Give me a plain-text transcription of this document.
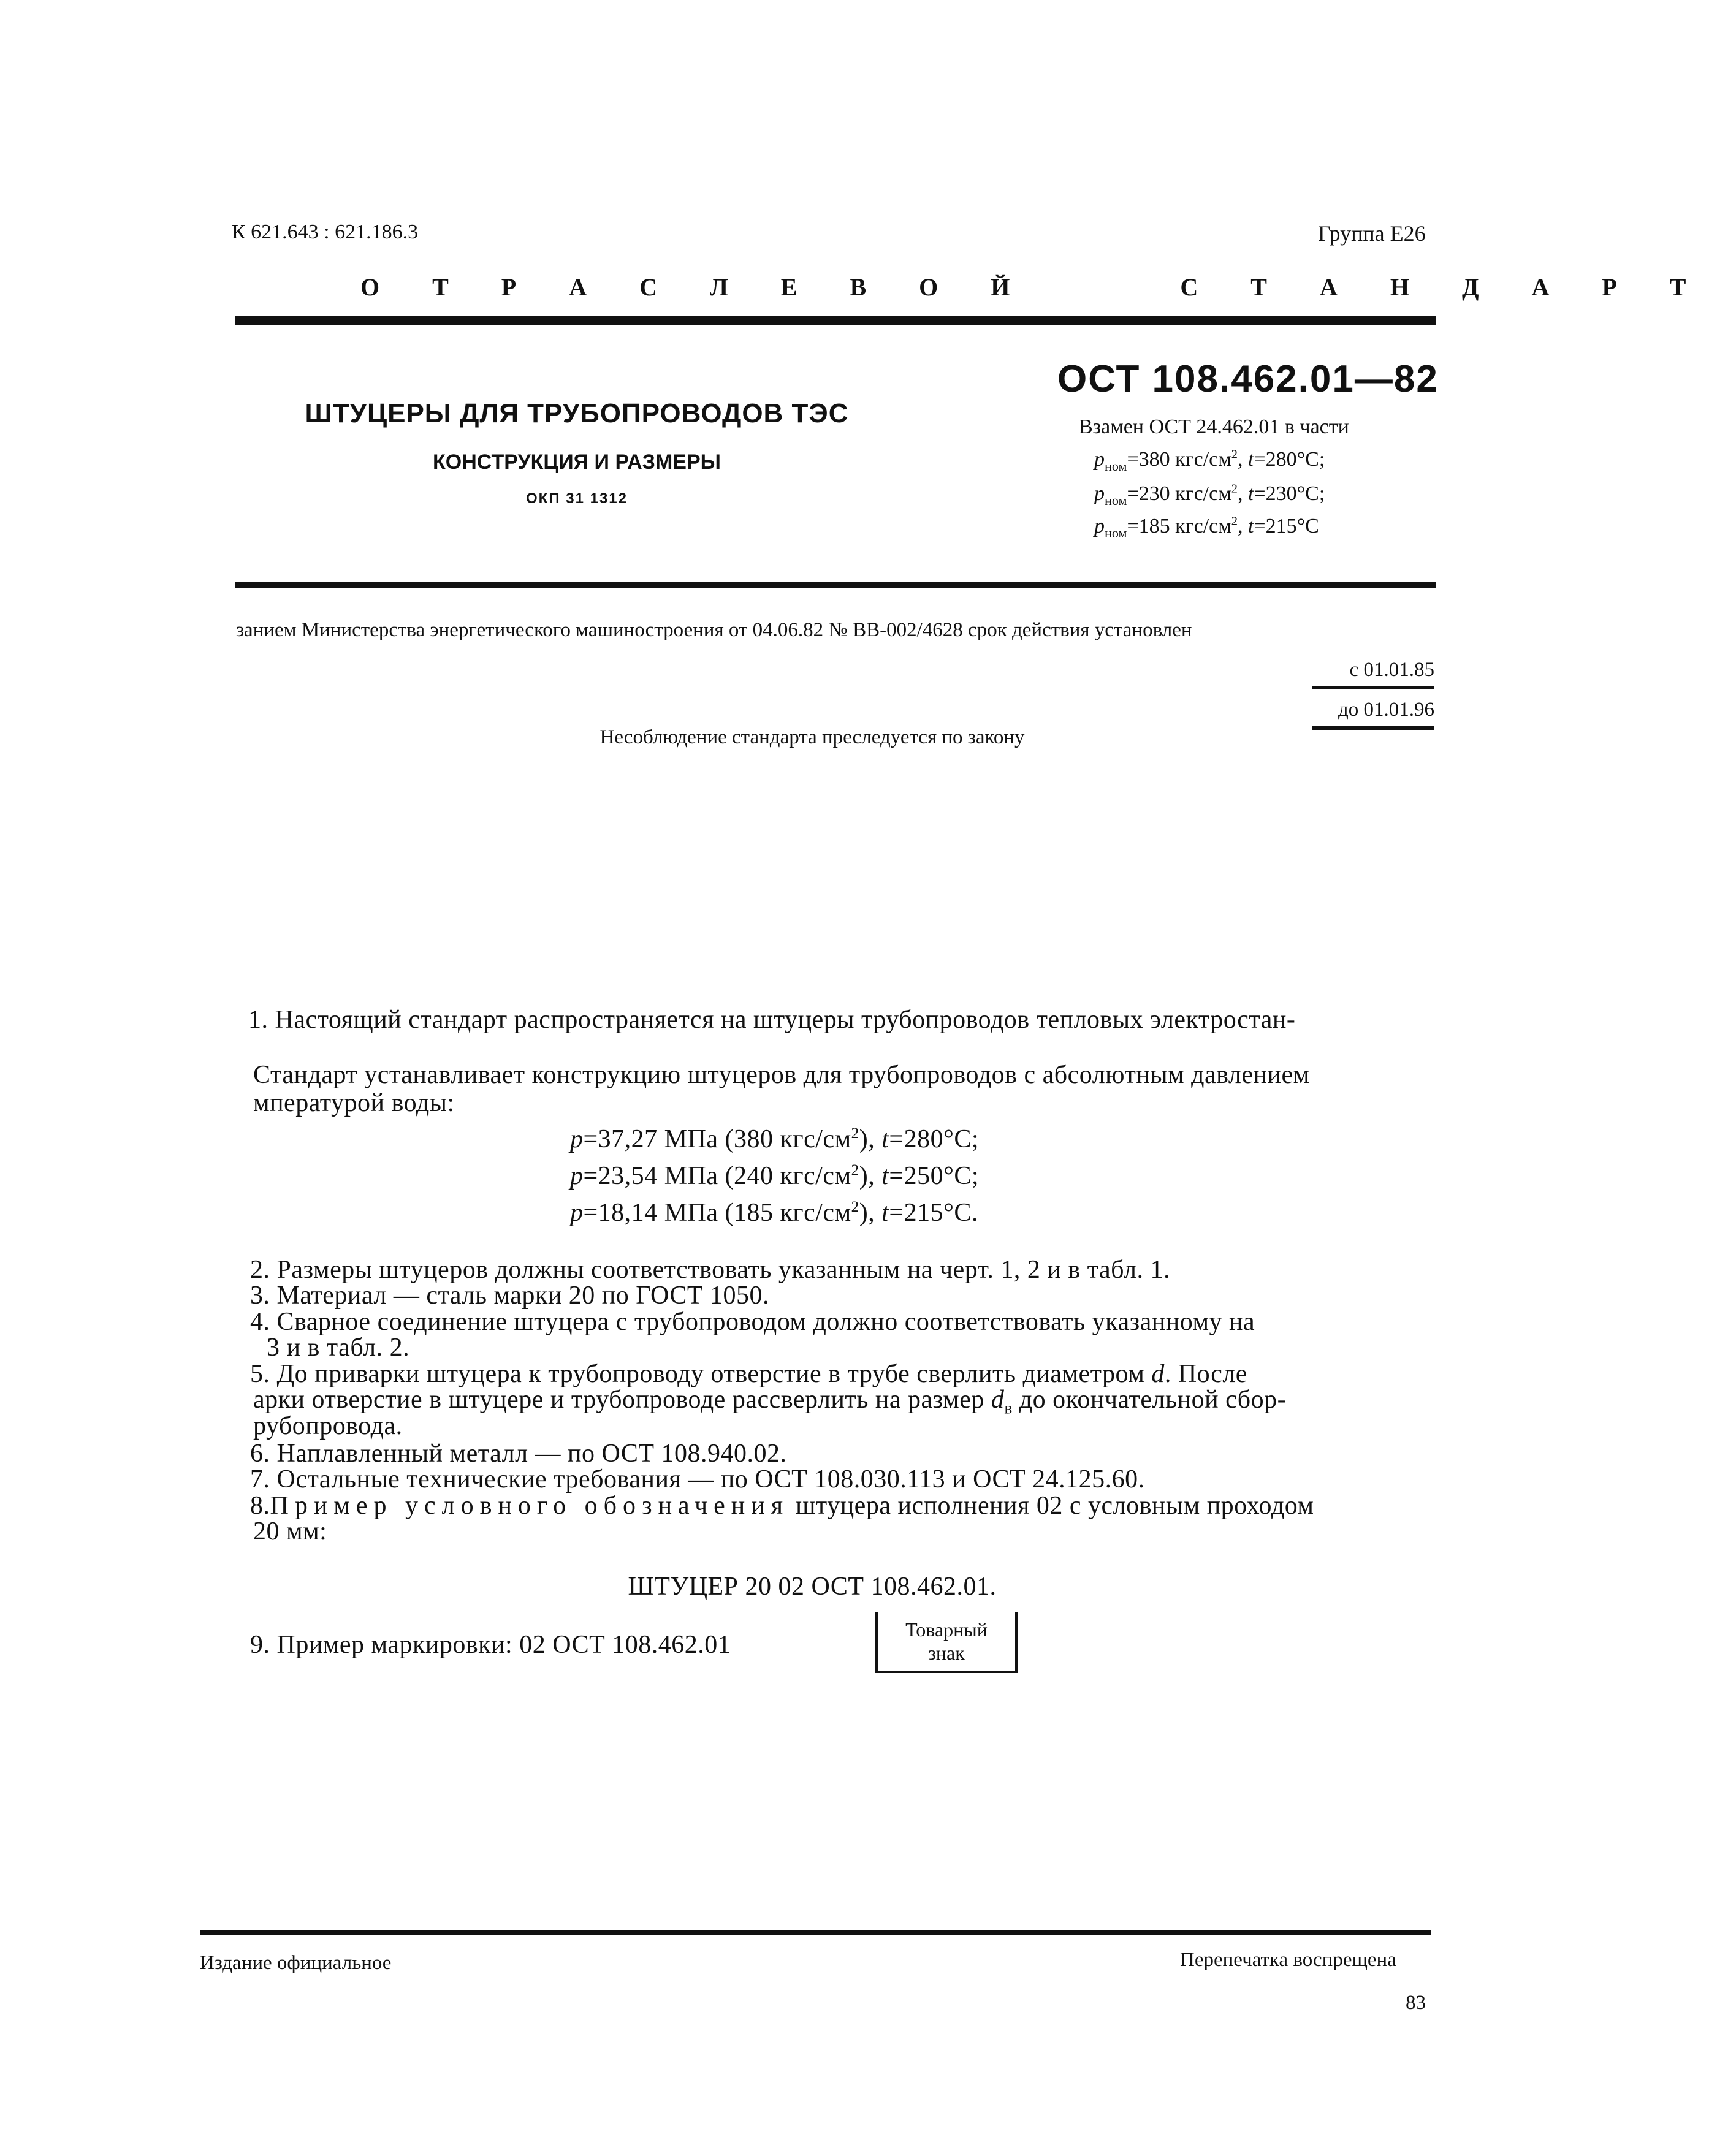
К 621.643 : 621.186.3	Группа Е26
О Т Р А С Л Е В О Й     С Т А Н Д А Р Т
ШТУЦЕРЫ ДЛЯ ТРУБОПРОВОДОВ ТЭС
КОНСТРУКЦИЯ И РАЗМЕРЫ
ОКП 31 1312
ОСТ 108.462.01—82
Взамен ОСТ 24.462.01 в части
$p_{ном}=380$ кгс/$см^2$, t=280°C;
$p_{ном}=230$ кгс/$см^2$, t=230°C;
$p_{ном}=185$ кгс/$см^2$, t=215°C
занием Министерства энергетического машиностроения от 04.06.82 № ВВ-002/4628 срок действия установлен
с 01.01.85
до 01.01.96
Несоблюдение стандарта преследуется по закону
1. Настоящий стандарт распространяется на штуцеры трубопроводов тепловых электростан-
Стандарт устанавливает конструкцию штуцеров для трубопроводов с абсолютным давлением
мпературой воды:
p=37,27 МПа (380 кгс/$см^2$), t=280°C;
p=23,54 МПа (240 кгс/$см^2$), t=250°C;
p=18,14 МПа (185 кгс/$см^2$), t=215°C.
2. Размеры штуцеров должны соответствовать указанным на черт. 1, 2 и в табл. 1.
3. Материал — сталь марки 20 по ГОСТ 1050.
4. Сварное соединение штуцера с трубопроводом должно соответствовать указанному на
3 и в табл. 2.
5. До приварки штуцера к трубопроводу отверстие в трубе сверлить диаметром d. После
арки отверстие в штуцере и трубопроводе рассверлить на размер $d_в$ до окончательной сбор-
рубопровода.
6. Наплавленный металл — по ОСТ 108.940.02.
7. Остальные технические требования — по ОСТ 108.030.113 и ОСТ 24.125.60.
8.Пример условного обозначения штуцера исполнения 02 с условным проходом
20 мм:
ШТУЦЕР 20 02 ОСТ 108.462.01.
9. Пример маркировки: 02 ОСТ 108.462.01
Товарный
знак
Издание официальное	Перепечатка воспрещена
83
